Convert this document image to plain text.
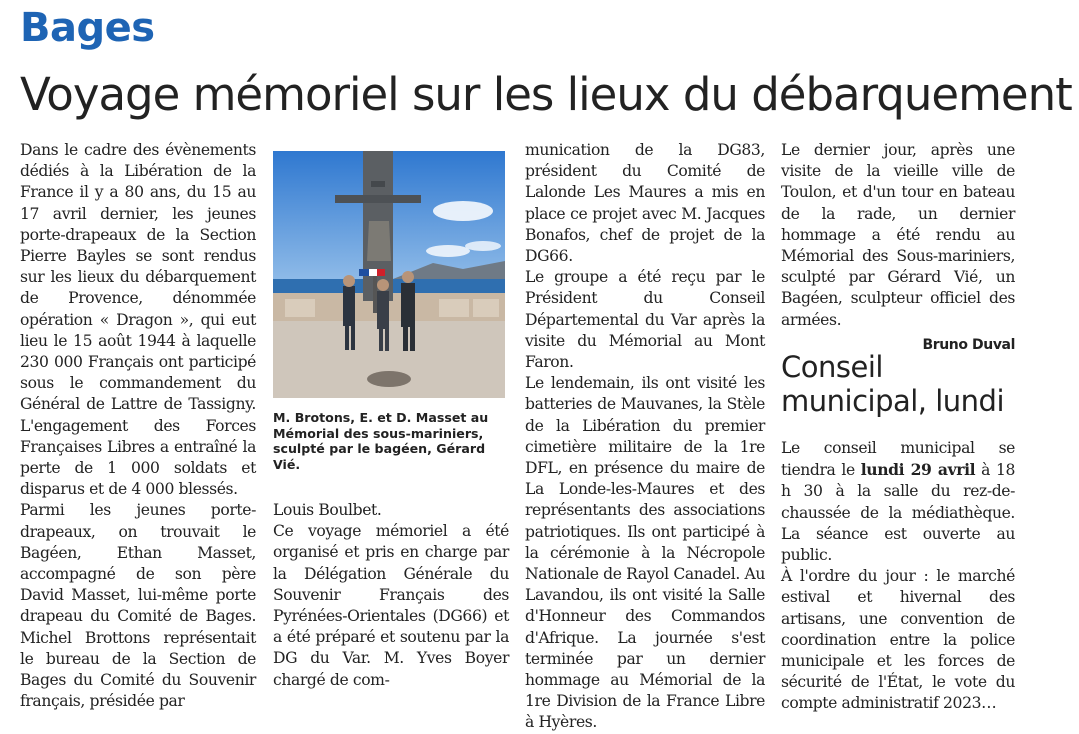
Bages
Voyage mémoriel sur les lieux du débarquement

Dans le cadre des évènements dédiés à la Libération de la France il y a 80 ans, du 15 au 17 avril dernier, les jeunes porte-drapeaux de la Section Pierre Bayles se sont rendus sur les lieux du débarquement de Provence, dénommée opération « Dragon », qui eut lieu le 15 août 1944 à laquelle 230 000 Français ont participé sous le commandement du Général de Lattre de Tassigny. L'engagement des Forces Françaises Libres a entraîné la perte de 1 000 soldats et disparus et de 4 000 blessés.

Parmi les jeunes porte-drapeaux, on trouvait le Bagéen, Ethan Masset, accompagné de son père David Masset, lui-même porte drapeau du Comité de Bages. Michel Brottons représentait le bureau de la Section de Bages du Comité du Souvenir français, présidée par

M. Brotons, E. et D. Masset au Mémorial des sous-mariniers, sculpté par le bagéen, Gérard Vié.

Louis Boulbet.

Ce voyage mémoriel a été organisé et pris en charge par la Délégation Générale du Souvenir Français des Pyrénées-Orientales (DG66) et a été préparé et soutenu par la DG du Var. M. Yves Boyer chargé de com-

munication de la DG83, président du Comité de Lalonde Les Maures a mis en place ce projet avec M. Jacques Bonafos, chef de projet de la DG66.

Le groupe a été reçu par le Président du Conseil Départemental du Var après la visite du Mémorial au Mont Faron.

Le lendemain, ils ont visité les batteries de Mauvanes, la Stèle de la Libération du premier cimetière militaire de la 1re DFL, en présence du maire de La Londe-les-Maures et des représentants des associations patriotiques. Ils ont participé à la cérémonie à la Nécropole Nationale de Rayol Canadel. Au Lavandou, ils ont visité la Salle d'Honneur des Commandos d'Afrique. La journée s'est terminée par un dernier hommage au Mémorial de la 1re Division de la France Libre à Hyères.

Le dernier jour, après une visite de la vieille ville de Toulon, et d'un tour en bateau de la rade, un dernier hommage a été rendu au Mémorial des Sous-mariniers, sculpté par Gérard Vié, un Bagéen, sculpteur officiel des armées.

Bruno Duval
Conseil municipal, lundi

Le conseil municipal se tiendra le lundi 29 avril à 18 h 30 à la salle du rez-de-chaussée de la médiathèque. La séance est ouverte au public.

À l'ordre du jour : le marché estival et hivernal des artisans, une convention de coordination entre la police municipale et les forces de sécurité de l'État, le vote du compte administratif 2023…
